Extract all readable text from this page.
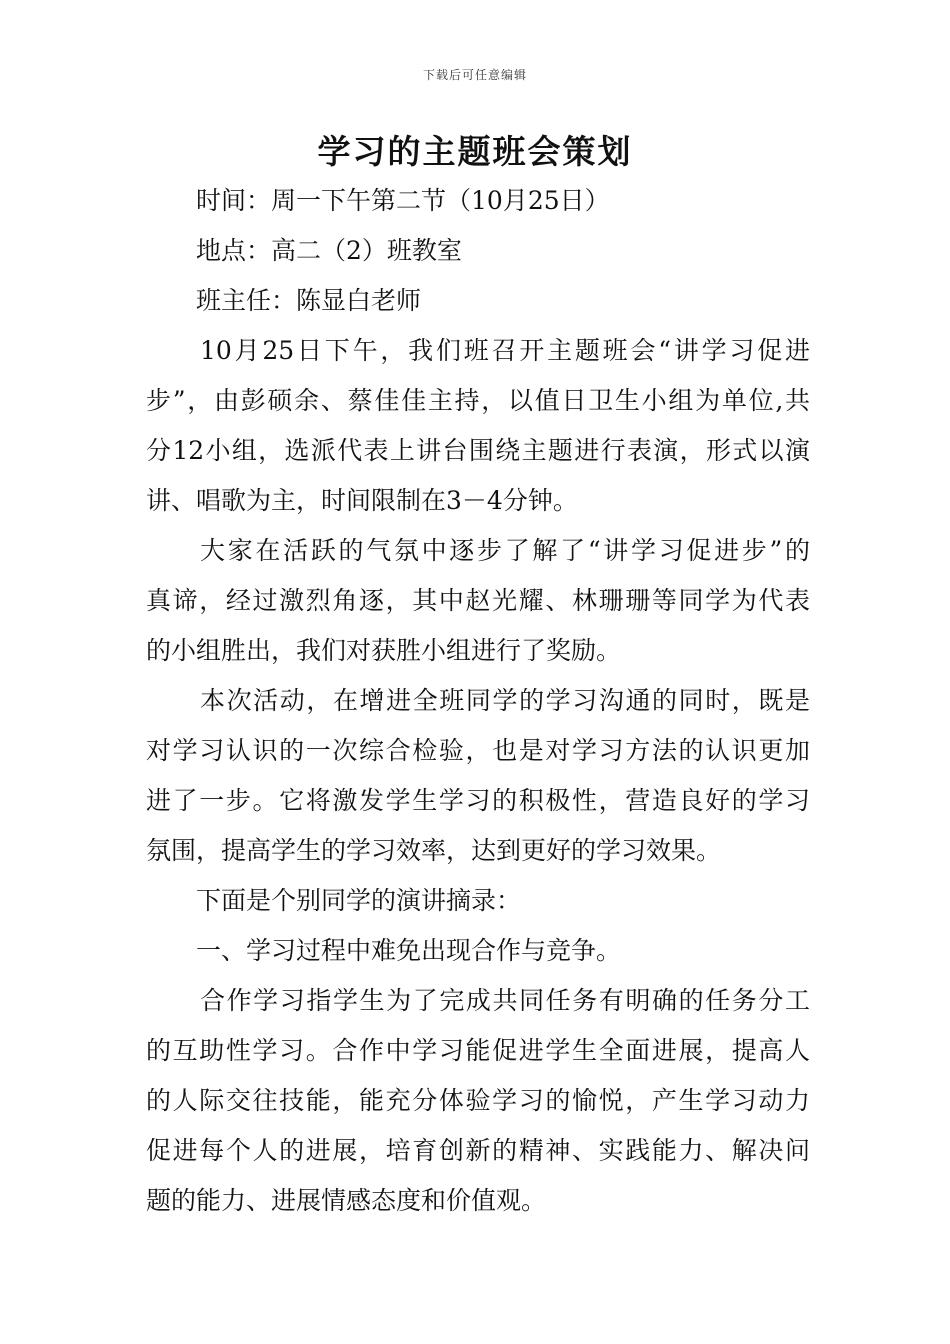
下载后可任意编辑
学习的主题班会策划
时间：周一下午第二节（10月25日）
地点：高二（2）班教室
班主任：陈显白老师
10月25日下午，我们班召开主题班会“讲学习促进
步”，由彭硕余、蔡佳佳主持，以值日卫生小组为单位,共
分12小组，选派代表上讲台围绕主题进行表演，形式以演
讲、唱歌为主，时间限制在3－4分钟。
大家在活跃的气氛中逐步了解了“讲学习促进步”的
真谛，经过激烈角逐，其中赵光耀、林珊珊等同学为代表
的小组胜出，我们对获胜小组进行了奖励。
本次活动，在增进全班同学的学习沟通的同时，既是
对学习认识的一次综合检验，也是对学习方法的认识更加
进了一步。它将激发学生学习的积极性，营造良好的学习
氛围，提高学生的学习效率，达到更好的学习效果。
下面是个别同学的演讲摘录：
一、学习过程中难免出现合作与竞争。
合作学习指学生为了完成共同任务有明确的任务分工
的互助性学习。合作中学习能促进学生全面进展，提高人
的人际交往技能，能充分体验学习的愉悦，产生学习动力
促进每个人的进展，培育创新的精神、实践能力、解决问
题的能力、进展情感态度和价值观。
